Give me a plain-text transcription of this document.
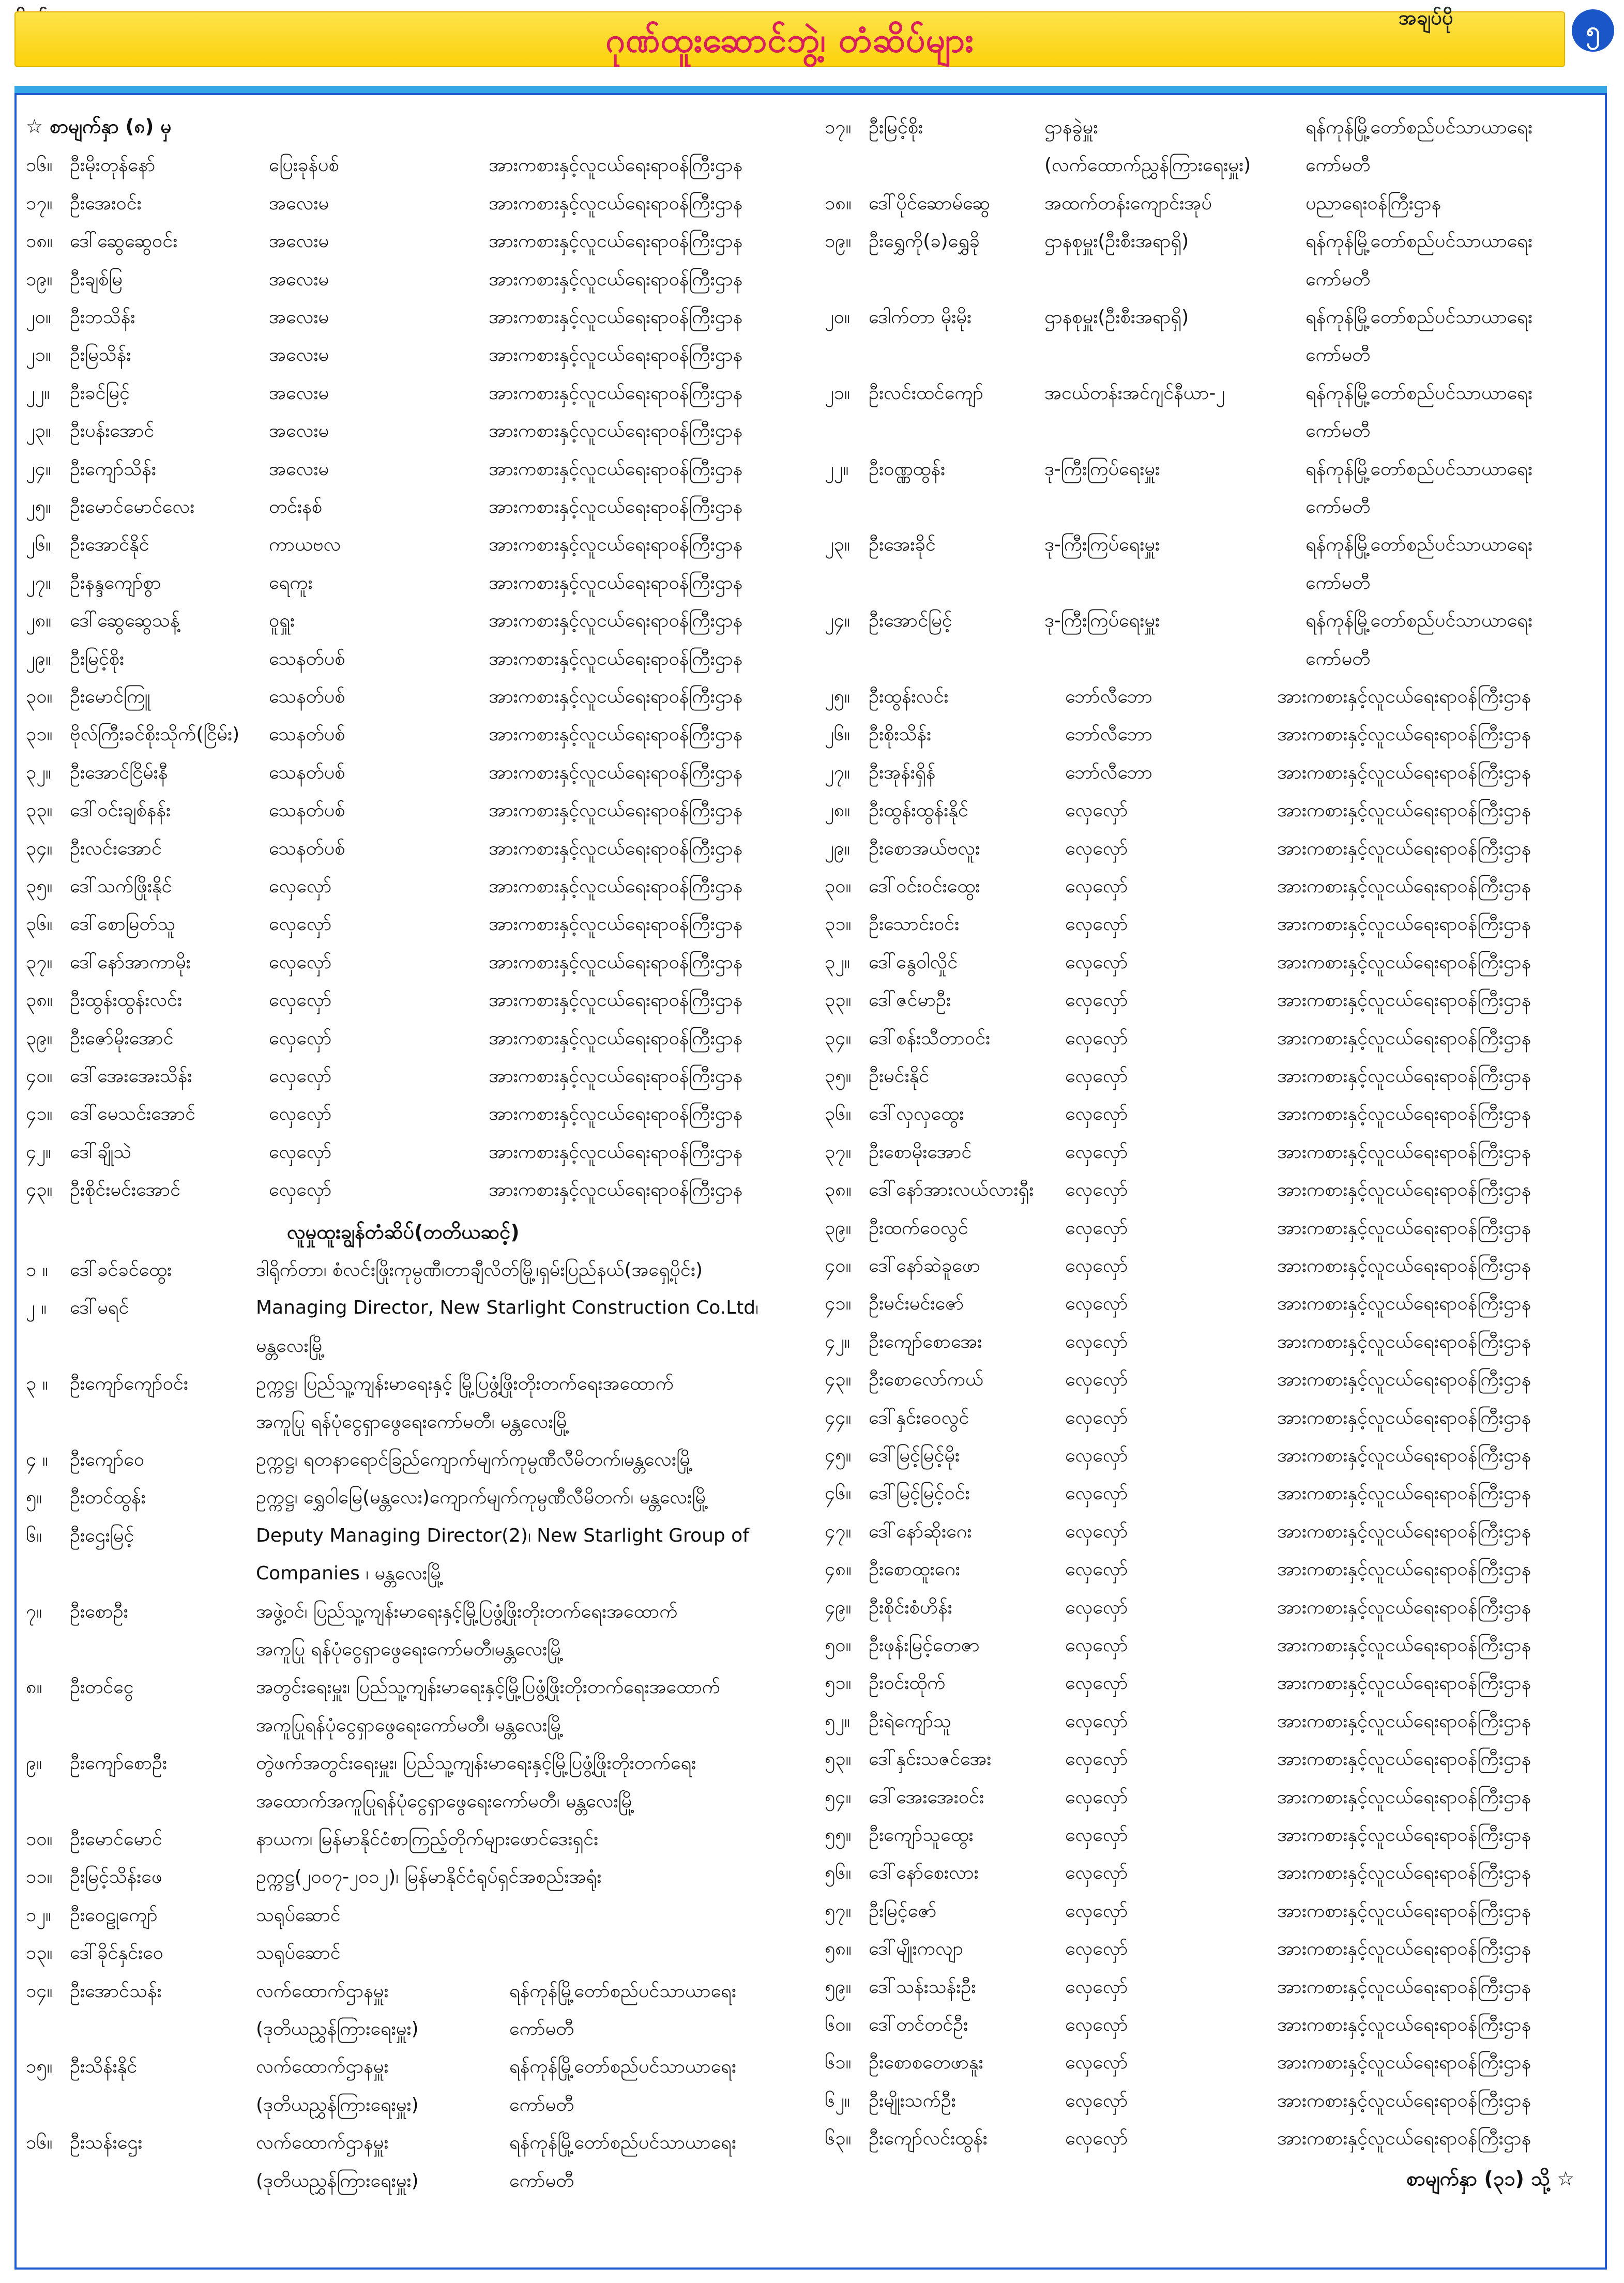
ဂုဏ်ထူးဆောင်ဘွဲ့၊ တံဆိပ်များ
အချပ်ပို	၅
☆ စာမျက်နှာ (၈) မှ
၁၆။ ဦးမိုးတုန်နော်	ပြေးခုန်ပစ်	အားကစားနှင့်လူငယ်ရေးရာဝန်ကြီးဌာန
၁၇။ ဦးအေးဝင်း	အလေးမ	အားကစားနှင့်လူငယ်ရေးရာဝန်ကြီးဌာန
၁၈။ ဒေါ်ဆွေဆွေဝင်း	အလေးမ	အားကစားနှင့်လူငယ်ရေးရာဝန်ကြီးဌာန
၁၉။ ဦးချစ်မြ	အလေးမ	အားကစားနှင့်လူငယ်ရေးရာဝန်ကြီးဌာန
၂၀။	ဦးဘသိန်း	အလေးမ	အားကစားနှင့်လူငယ်ရေးရာဝန်ကြီးဌာန
၂၁။	ဦးမြသိန်း	အလေးမ	အားကစားနှင့်လူငယ်ရေးရာဝန်ကြီးဌာန
၂၂။	ဦးခင်မြင့်	အလေးမ	အားကစားနှင့်လူငယ်ရေးရာဝန်ကြီးဌာန
၂၃။	ဦးပန်းအောင်	အလေးမ	အားကစားနှင့်လူငယ်ရေးရာဝန်ကြီးဌာန
၂၄။	ဦးကျော်သိန်း	အလေးမ	အားကစားနှင့်လူငယ်ရေးရာဝန်ကြီးဌာန
၂၅။	ဦးမောင်မောင်လေး	တင်းနစ်	အားကစားနှင့်လူငယ်ရေးရာဝန်ကြီးဌာန
၂၆။	ဦးအောင်နိုင်	ကာယဗလ	အားကစားနှင့်လူငယ်ရေးရာဝန်ကြီးဌာန
၂၇။	ဦးနန္ဒကျော်စွာ	ရေကူး	အားကစားနှင့်လူငယ်ရေးရာဝန်ကြီးဌာန
၂၈။ ဒေါ်ဆွေဆွေသန့်	ဝူရှူး	အားကစားနှင့်လူငယ်ရေးရာဝန်ကြီးဌာန
၂၉။	ဦးမြင့်စိုး	သေနတ်ပစ်	အားကစားနှင့်လူငယ်ရေးရာဝန်ကြီးဌာန
၃၀။ ဦးမောင်ကြူ	သေနတ်ပစ်	အားကစားနှင့်လူငယ်ရေးရာဝန်ကြီးဌာန
၃၁။ ဗိုလ်ကြီးခင်စိုးသိုက်(ငြိမ်း)	သေနတ်ပစ်	အားကစားနှင့်လူငယ်ရေးရာဝန်ကြီးဌာန
၃၂။	ဦးအောင်ငြိမ်းနီ	သေနတ်ပစ်	အားကစားနှင့်လူငယ်ရေးရာဝန်ကြီးဌာန
၃၃။ ဒေါ်ဝင်းချစ်နန်း	သေနတ်ပစ်	အားကစားနှင့်လူငယ်ရေးရာဝန်ကြီးဌာန
၃၄။ ဦးလင်းအောင်	သေနတ်ပစ်	အားကစားနှင့်လူငယ်ရေးရာဝန်ကြီးဌာန
၃၅။ ဒေါ်သက်ဖြိုးနိုင်	လှေလှော်	အားကစားနှင့်လူငယ်ရေးရာဝန်ကြီးဌာန
၃၆။ ဒေါ်စောမြတ်သူ	လှေလှော်	အားကစားနှင့်လူငယ်ရေးရာဝန်ကြီးဌာန
၃၇။ ဒေါ်နော်အာကာမိုး	လှေလှော်	အားကစားနှင့်လူငယ်ရေးရာဝန်ကြီးဌာန
၃၈။ ဦးထွန်းထွန်းလင်း	လှေလှော်	အားကစားနှင့်လူငယ်ရေးရာဝန်ကြီးဌာန
၃၉။ ဦးဇော်မိုးအောင်	လှေလှော်	အားကစားနှင့်လူငယ်ရေးရာဝန်ကြီးဌာန
၄၀။ ဒေါ်အေးအေးသိန်း	လှေလှော်	အားကစားနှင့်လူငယ်ရေးရာဝန်ကြီးဌာန
၄၁။ ဒေါ်မေသင်းအောင်	လှေလှော်	အားကစားနှင့်လူငယ်ရေးရာဝန်ကြီးဌာန
၄၂။	ဒေါ်ချိုသဲ	လှေလှော်	အားကစားနှင့်လူငယ်ရေးရာဝန်ကြီးဌာန
၄၃။ ဦးစိုင်းမင်းအောင်	လှေလှော်	အားကစားနှင့်လူငယ်ရေးရာဝန်ကြီးဌာန
လူမှုထူးချွန်တံဆိပ်(တတိယဆင့်)
၁ ။	ဒေါ်ခင်ခင်ထွေး	ဒါရိုက်တာ၊ စံလင်းဖြိုးကုမ္ပဏီ၊တာချီလိတ်မြို့၊ရှမ်းပြည်နယ်(အရှေ့ပိုင်း)
၂ ။	ဒေါ်မရင်	Managing Director, New Starlight Construction Co.Ltd၊
မန္တလေးမြို့
၃ ။	ဦးကျော်ကျော်ဝင်း	ဥက္ကဋ္ဌ၊ ပြည်သူ့ကျန်းမာရေးနှင့် မြို့ပြဖွံ့ဖြိုးတိုးတက်ရေးအထောက်
အကူပြု ရန်ပုံငွေရှာဖွေရေးကော်မတီ၊ မန္တလေးမြို့
၄ ။	ဦးကျော်ဝေ	ဥက္ကဋ္ဌ၊ ရတနာရောင်ခြည်ကျောက်မျက်ကုမ္ပဏီလီမိတက်၊မန္တလေးမြို့
၅။	ဦးတင်ထွန်း	ဥက္ကဋ္ဌ၊ ရွှေဝါမြေ(မန္တလေး)ကျောက်မျက်ကုမ္ပဏီလီမိတက်၊ မန္တလေးမြို့
၆။	ဦးဌေးမြင့်	Deputy Managing Director(2)၊ New Starlight Group of
Companies ၊ မန္တလေးမြို့
၇။	ဦးစောဦး	အဖွဲ့ဝင်၊ ပြည်သူ့ကျန်းမာရေးနှင့်မြို့ပြဖွံ့ဖြိုးတိုးတက်ရေးအထောက်
အကူပြု ရန်ပုံငွေရှာဖွေရေးကော်မတီ၊မန္တလေးမြို့
၈။	ဦးတင်ငွေ	အတွင်းရေးမှူး၊ ပြည်သူ့ကျန်းမာရေးနှင့်မြို့ပြဖွံ့ဖြိုးတိုးတက်ရေးအထောက်
အကူပြုရန်ပုံငွေရှာဖွေရေးကော်မတီ၊ မန္တလေးမြို့
၉။	ဦးကျော်စောဦး	တွဲဖက်အတွင်းရေးမှူး၊ ပြည်သူ့ကျန်းမာရေးနှင့်မြို့ပြဖွံ့ဖြိုးတိုးတက်ရေး
အထောက်အကူပြုရန်ပုံငွေရှာဖွေရေးကော်မတီ၊ မန္တလေးမြို့
၁၀။ ဦးမောင်မောင်	နာယက၊ မြန်မာနိုင်ငံစာကြည့်တိုက်များဖောင်ဒေးရှင်း
၁၁။ ဦးမြင့်သိန်းဖေ	ဥက္ကဋ္ဌ(၂၀၀၇-၂၀၁၂)၊ မြန်မာနိုင်ငံရုပ်ရှင်အစည်းအရုံး
၁၂။	ဦးဝေဠုကျော်	သရုပ်ဆောင်
၁၃။ ဒေါ်ခိုင်နှင်းဝေ	သရုပ်ဆောင်
၁၄။ ဦးအောင်သန်း	လက်ထောက်ဌာနမှူး	ရန်ကုန်မြို့တော်စည်ပင်သာယာရေး
(ဒုတိယညွှန်ကြားရေးမှူး)	ကော်မတီ
၁၅။ ဦးသိန်းနိုင်	လက်ထောက်ဌာနမှူး	ရန်ကုန်မြို့တော်စည်ပင်သာယာရေး
(ဒုတိယညွှန်ကြားရေးမှူး)	ကော်မတီ
၁၆။ ဦးသန်းဌေး	လက်ထောက်ဌာနမှူး	ရန်ကုန်မြို့တော်စည်ပင်သာယာရေး
(ဒုတိယညွှန်ကြားရေးမှူး)	ကော်မတီ
၁၇။ ဦးမြင့်စိုး	ဌာနခွဲမှူး	ရန်ကုန်မြို့တော်စည်ပင်သာယာရေး
(လက်ထောက်ညွှန်ကြားရေးမှူး)	ကော်မတီ
၁၈။ ဒေါ်ပိုင်ဆောမ်ဆွေ	အထက်တန်းကျောင်းအုပ်	ပညာရေးဝန်ကြီးဌာန
၁၉။ ဦးရွှေကို(ခ)ရွှေခို	ဌာနစုမှူး(ဦးစီးအရာရှိ)	ရန်ကုန်မြို့တော်စည်ပင်သာယာရေး
ကော်မတီ
၂၀။	ဒေါက်တာ မိုးမိုး	ဌာနစုမှူး(ဦးစီးအရာရှိ)	ရန်ကုန်မြို့တော်စည်ပင်သာယာရေး
ကော်မတီ
၂၁။	ဦးလင်းထင်ကျော်	အငယ်တန်းအင်ဂျင်နီယာ-၂	ရန်ကုန်မြို့တော်စည်ပင်သာယာရေး
ကော်မတီ
၂၂။	ဦးဝဏ္ဏထွန်း	ဒု-ကြီးကြပ်ရေးမှူး	ရန်ကုန်မြို့တော်စည်ပင်သာယာရေး
ကော်မတီ
၂၃။	ဦးအေးခိုင်	ဒု-ကြီးကြပ်ရေးမှူး	ရန်ကုန်မြို့တော်စည်ပင်သာယာရေး
ကော်မတီ
၂၄။	ဦးအောင်မြင့်	ဒု-ကြီးကြပ်ရေးမှူး	ရန်ကုန်မြို့တော်စည်ပင်သာယာရေး
ကော်မတီ
၂၅။	ဦးထွန်းလင်း	ဘော်လီဘော	အားကစားနှင့်လူငယ်ရေးရာဝန်ကြီးဌာန
၂၆။	ဦးစိုးသိန်း	ဘော်လီဘော	အားကစားနှင့်လူငယ်ရေးရာဝန်ကြီးဌာန
၂၇။	ဦးအုန်းရှိန်	ဘော်လီဘော	အားကစားနှင့်လူငယ်ရေးရာဝန်ကြီးဌာန
၂၈။ ဦးထွန်းထွန်းနိုင်	လှေလှော်	အားကစားနှင့်လူငယ်ရေးရာဝန်ကြီးဌာန
၂၉။	ဦးစောအယ်ဗလူး	လှေလှော်	အားကစားနှင့်လူငယ်ရေးရာဝန်ကြီးဌာန
၃၀။ ဒေါ်ဝင်းဝင်းထွေး	လှေလှော်	အားကစားနှင့်လူငယ်ရေးရာဝန်ကြီးဌာန
၃၁။ ဦးသောင်းဝင်း	လှေလှော်	အားကစားနှင့်လူငယ်ရေးရာဝန်ကြီးဌာန
၃၂။	ဒေါ်နွေဝါလှိုင်	လှေလှော်	အားကစားနှင့်လူငယ်ရေးရာဝန်ကြီးဌာန
၃၃။ ဒေါ်ဇင်မာဦး	လှေလှော်	အားကစားနှင့်လူငယ်ရေးရာဝန်ကြီးဌာန
၃၄။ ဒေါ်စန်းသီတာဝင်း	လှေလှော်	အားကစားနှင့်လူငယ်ရေးရာဝန်ကြီးဌာန
၃၅။ ဦးမင်းနိုင်	လှေလှော်	အားကစားနှင့်လူငယ်ရေးရာဝန်ကြီးဌာန
၃၆။ ဒေါ်လှလှထွေး	လှေလှော်	အားကစားနှင့်လူငယ်ရေးရာဝန်ကြီးဌာန
၃၇။ ဦးစောမိုးအောင်	လှေလှော်	အားကစားနှင့်လူငယ်ရေးရာဝန်ကြီးဌာန
၃၈။ ဒေါ်နော်အားလယ်လားရှီး	လှေလှော်	အားကစားနှင့်လူငယ်ရေးရာဝန်ကြီးဌာန
၃၉။ ဦးထက်ဝေလွင်	လှေလှော်	အားကစားနှင့်လူငယ်ရေးရာဝန်ကြီးဌာန
၄၀။ ဒေါ်နော်ဆဲခူဖော	လှေလှော်	အားကစားနှင့်လူငယ်ရေးရာဝန်ကြီးဌာန
၄၁။ ဦးမင်းမင်းဇော်	လှေလှော်	အားကစားနှင့်လူငယ်ရေးရာဝန်ကြီးဌာန
၄၂။	ဦးကျော်စောအေး	လှေလှော်	အားကစားနှင့်လူငယ်ရေးရာဝန်ကြီးဌာန
၄၃။ ဦးစောလော်ကယ်	လှေလှော်	အားကစားနှင့်လူငယ်ရေးရာဝန်ကြီးဌာန
၄၄။ ဒေါ်နှင်းဝေလွင်	လှေလှော်	အားကစားနှင့်လူငယ်ရေးရာဝန်ကြီးဌာန
၄၅။ ဒေါ်မြင့်မြင့်မိုး	လှေလှော်	အားကစားနှင့်လူငယ်ရေးရာဝန်ကြီးဌာန
၄၆။ ဒေါ်မြင့်မြင့်ဝင်း	လှေလှော်	အားကစားနှင့်လူငယ်ရေးရာဝန်ကြီးဌာန
၄၇။ ဒေါ်နော်ဆိုးဂေး	လှေလှော်	အားကစားနှင့်လူငယ်ရေးရာဝန်ကြီးဌာန
၄၈။ ဦးစောထူးဂေး	လှေလှော်	အားကစားနှင့်လူငယ်ရေးရာဝန်ကြီးဌာန
၄၉။ ဦးစိုင်းစံဟိန်း	လှေလှော်	အားကစားနှင့်လူငယ်ရေးရာဝန်ကြီးဌာန
၅၀။ ဦးဖုန်းမြင့်တေဇာ	လှေလှော်	အားကစားနှင့်လူငယ်ရေးရာဝန်ကြီးဌာန
၅၁။ ဦးဝင်းထိုက်	လှေလှော်	အားကစားနှင့်လူငယ်ရေးရာဝန်ကြီးဌာန
၅၂။	ဦးရဲကျော်သူ	လှေလှော်	အားကစားနှင့်လူငယ်ရေးရာဝန်ကြီးဌာန
၅၃။ ဒေါ်နှင်းသဇင်အေး	လှေလှော်	အားကစားနှင့်လူငယ်ရေးရာဝန်ကြီးဌာန
၅၄။ ဒေါ်အေးအေးဝင်း	လှေလှော်	အားကစားနှင့်လူငယ်ရေးရာဝန်ကြီးဌာန
၅၅။ ဦးကျော်သူထွေး	လှေလှော်	အားကစားနှင့်လူငယ်ရေးရာဝန်ကြီးဌာန
၅၆။ ဒေါ်နော်စေးလား	လှေလှော်	အားကစားနှင့်လူငယ်ရေးရာဝန်ကြီးဌာန
၅၇။ ဦးမြင့်ဇော်	လှေလှော်	အားကစားနှင့်လူငယ်ရေးရာဝန်ကြီးဌာန
၅၈။ ဒေါ်မျိုးကလျာ	လှေလှော်	အားကစားနှင့်လူငယ်ရေးရာဝန်ကြီးဌာန
၅၉။ ဒေါ်သန်းသန်းဦး	လှေလှော်	အားကစားနှင့်လူငယ်ရေးရာဝန်ကြီးဌာန
၆၀။ ဒေါ်တင်တင်ဦး	လှေလှော်	အားကစားနှင့်လူငယ်ရေးရာဝန်ကြီးဌာန
၆၁။ ဦးစောစတေဖာနူး	လှေလှော်	အားကစားနှင့်လူငယ်ရေးရာဝန်ကြီးဌာန
၆၂။	ဦးမျိုးသက်ဦး	လှေလှော်	အားကစားနှင့်လူငယ်ရေးရာဝန်ကြီးဌာန
၆၃။ ဦးကျော်လင်းထွန်း	လှေလှော်	အားကစားနှင့်လူငယ်ရေးရာဝန်ကြီးဌာန
စာမျက်နှာ (၃၁) သို့ ☆
